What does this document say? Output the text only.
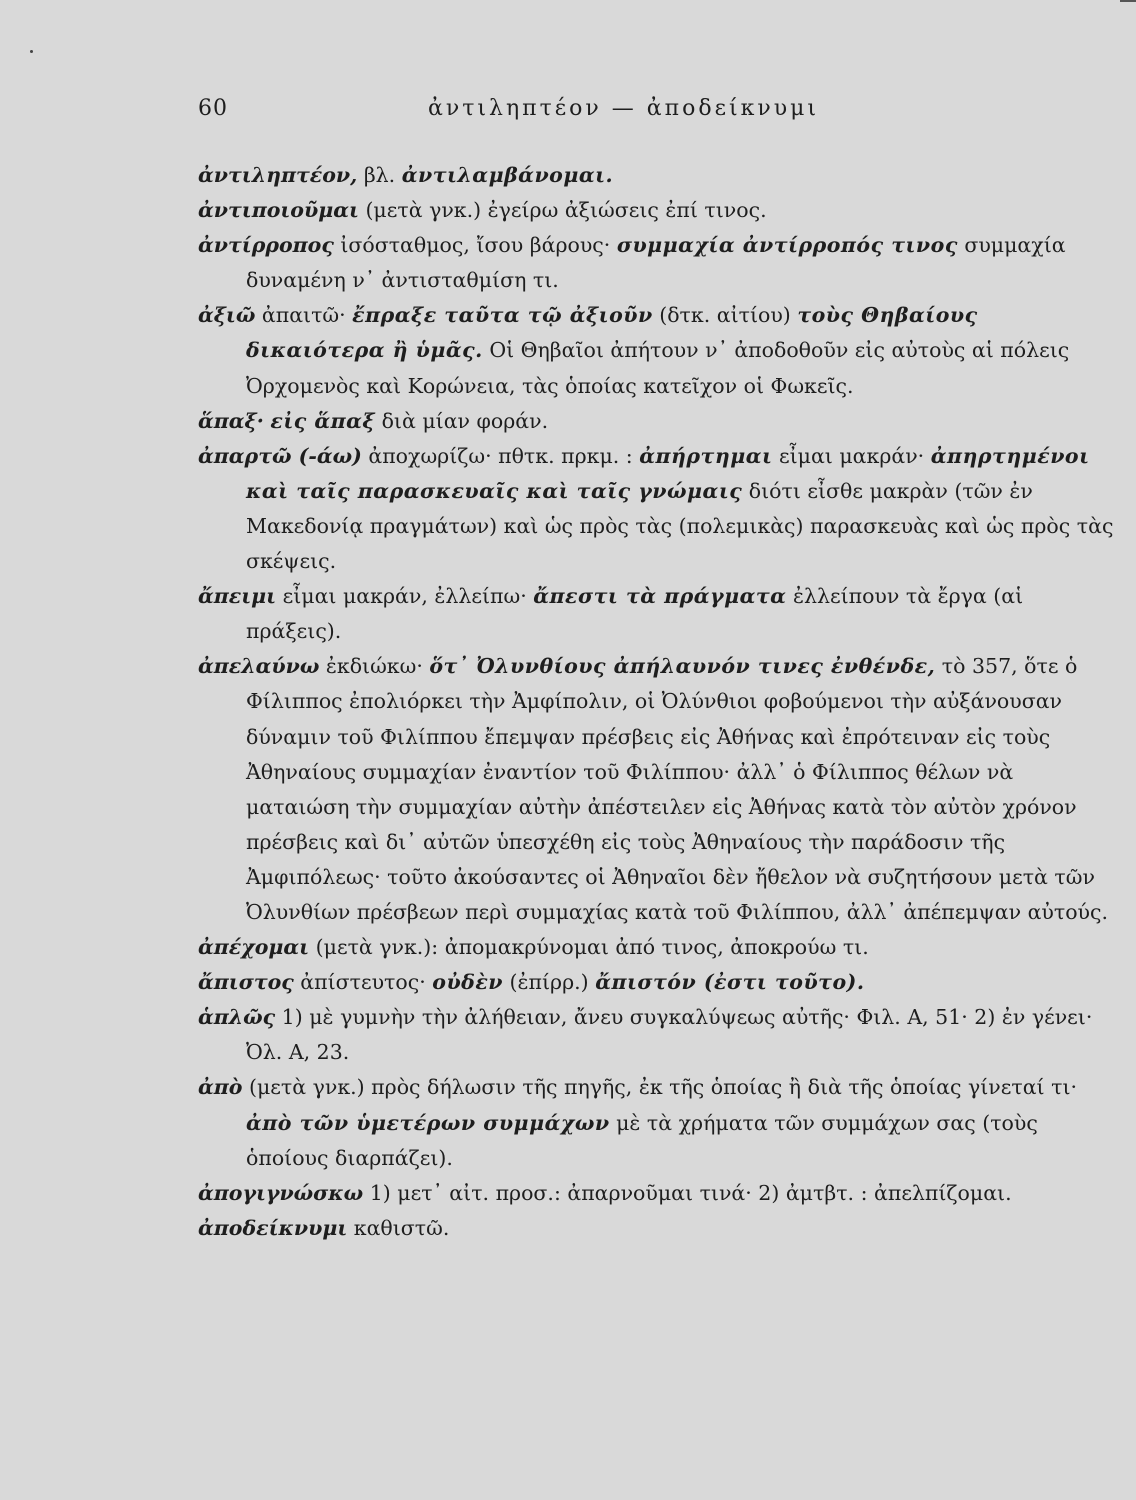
60	ἀντιληπτέον — ἀποδείκνυμι

ἀντιληπτέον, βλ. ἀντιλαμβάνομαι.

ἀντιποιοῦμαι (μετὰ γνκ.) ἐγείρω ἀξιώσεις ἐπί τινος.

ἀντίρροπος ἰσόσταθμος, ἴσου βάρους· συμμαχία ἀντίρροπός τινος συμμαχία δυναμένη ν᾿ ἀντισταθμίση τι.

ἀξιῶ ἀπαιτῶ· ἔπραξε ταῦτα τῷ ἀξιοῦν (δτκ. αἰτίου) τοὺς Θηβαίους δικαιότερα ἢ ὑμᾶς. Οἱ Θηβαῖοι ἀπήτουν ν᾿ ἀποδοθοῦν εἰς αὐτοὺς αἱ πόλεις Ὀρχομενὸς καὶ Κορώνεια, τὰς ὁποίας κατεῖχον οἱ Φωκεῖς.

ἅπαξ· εἰς ἅπαξ διὰ μίαν φοράν.

ἀπαρτῶ (-άω) ἀποχωρίζω· πθτκ. πρκμ. : ἀπήρτημαι εἶμαι μακράν· ἀπηρτημένοι καὶ ταῖς παρασκευαῖς καὶ ταῖς γνώμαις διότι εἶσθε μακρὰν (τῶν ἐν Μακεδονίᾳ πραγμάτων) καὶ ὡς πρὸς τὰς (πολεμικὰς) παρασκευὰς καὶ ὡς πρὸς τὰς σκέψεις.

ἄπειμι εἶμαι μακράν, ἐλλείπω· ἄπεστι τὰ πράγματα ἐλλείπουν τὰ ἔργα (αἱ πράξεις).

ἀπελαύνω ἐκδιώκω· ὅτ᾿ Ὀλυνθίους ἀπήλαυνόν τινες ἐνθένδε, τὸ 357, ὅτε ὁ Φίλιππος ἐπολιόρκει τὴν Ἀμφίπολιν, οἱ Ὀλύνθιοι φοβούμενοι τὴν αὐξάνουσαν δύναμιν τοῦ Φιλίππου ἔπεμψαν πρέσβεις εἰς Ἀθήνας καὶ ἐπρότειναν εἰς τοὺς Ἀθηναίους συμμαχίαν ἐναντίον τοῦ Φιλίππου· ἀλλ᾿ ὁ Φίλιππος θέλων νὰ ματαιώση τὴν συμμαχίαν αὐτὴν ἀπέστειλεν εἰς Ἀθήνας κατὰ τὸν αὐτὸν χρόνον πρέσβεις καὶ δι᾿ αὐτῶν ὑπεσχέθη εἰς τοὺς Ἀθηναίους τὴν παράδοσιν τῆς Ἀμφιπόλεως· τοῦτο ἀκούσαντες οἱ Ἀθηναῖοι δὲν ἤθελον νὰ συζητήσουν μετὰ τῶν Ὀλυνθίων πρέσβεων περὶ συμμαχίας κατὰ τοῦ Φιλίππου, ἀλλ᾿ ἀπέπεμψαν αὐτούς.

ἀπέχομαι (μετὰ γνκ.): ἀπομακρύνομαι ἀπό τινος, ἀποκρούω τι.

ἄπιστος ἀπίστευτος· οὐδὲν (ἐπίρρ.) ἄπιστόν (ἐστι τοῦτο).

ἁπλῶς 1) μὲ γυμνὴν τὴν ἀλήθειαν, ἄνευ συγκαλύψεως αὐτῆς· Φιλ. Α, 51· 2) ἐν γένει· Ὀλ. Α, 23.

ἀπὸ (μετὰ γνκ.) πρὸς δήλωσιν τῆς πηγῆς, ἐκ τῆς ὁποίας ἢ διὰ τῆς ὁποίας γίνεταί τι· ἀπὸ τῶν ὑμετέρων συμμάχων μὲ τὰ χρήματα τῶν συμμάχων σας (τοὺς ὁποίους διαρπάζει).

ἀπογιγνώσκω 1) μετ᾿ αἰτ. προσ.: ἀπαρνοῦμαι τινά· 2) ἀμτβτ. : ἀπελπίζομαι.

ἀποδείκνυμι καθιστῶ.
